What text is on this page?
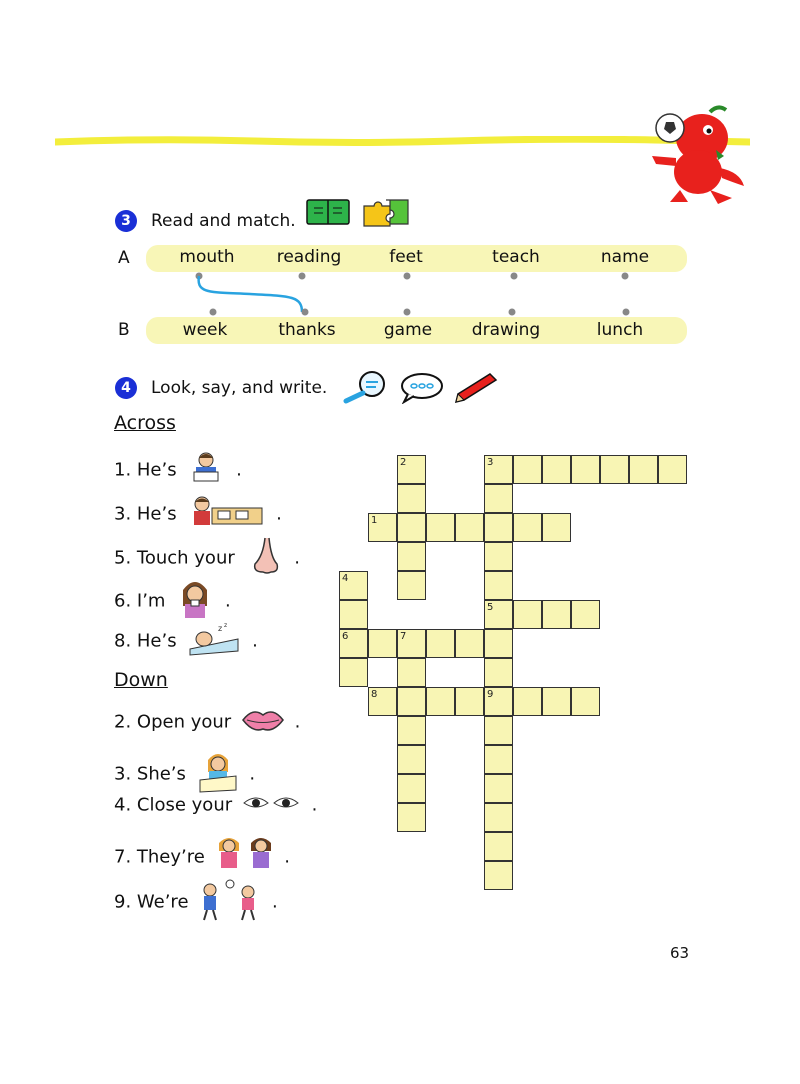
3	Read and match.
A	mouth reading	feet	teach	name
B	week	thanks	game drawing	lunch
4	Look, say, and write.
Across
1. He’s	.
3. He’s	.
5. Touch your	.
6. I’m	.
8. He’s
z z
.
Down
2. Open your	.
3. She’s	.
4. Close your	.
7. They’re	.
9. We’re	.
1
2	3
5
4
6	7
8	9
63
